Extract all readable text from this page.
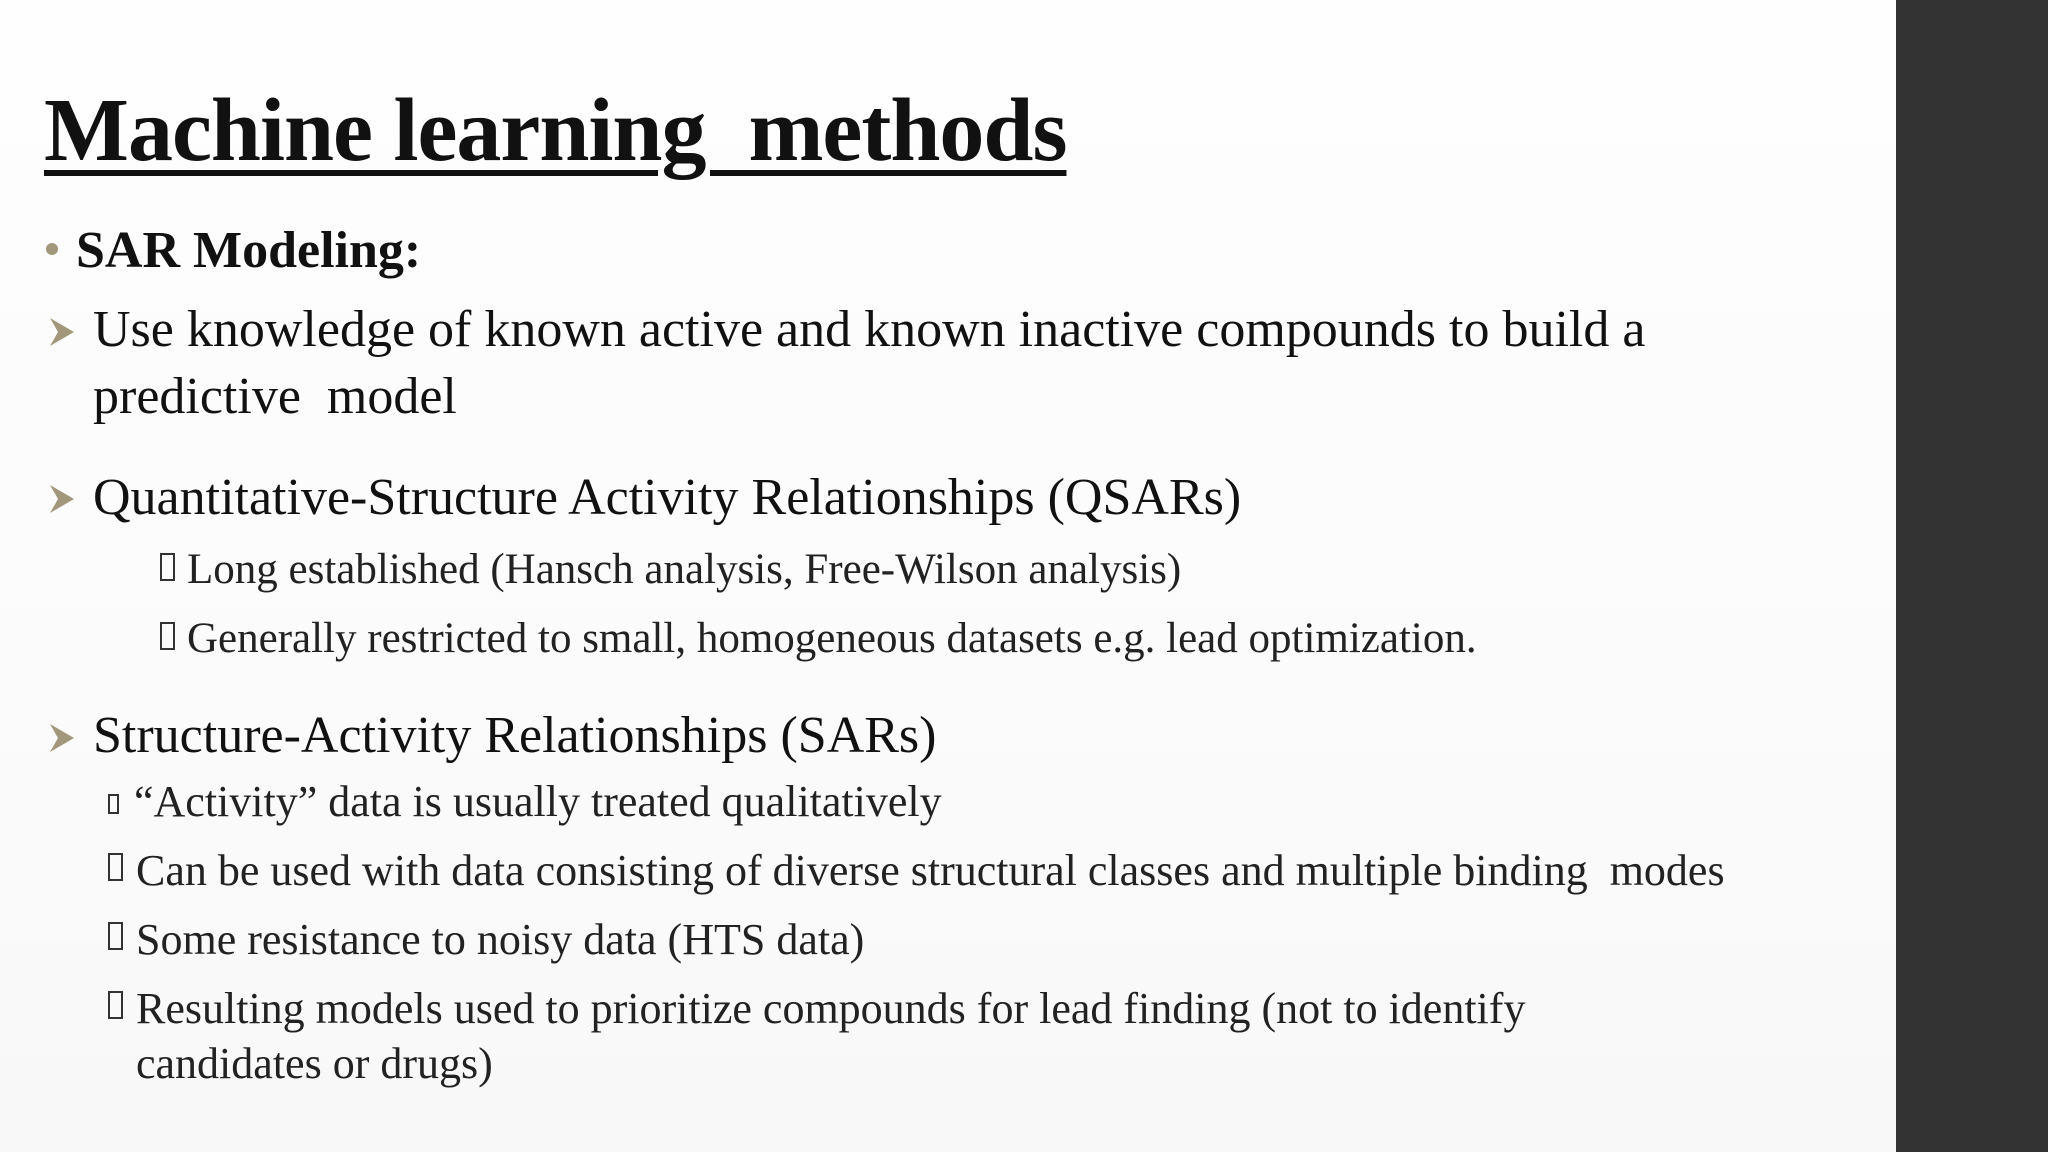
Machine learning  methods

SAR Modeling:

Use knowledge of known active and known inactive compounds to build a

predictive  model

Quantitative-Structure Activity Relationships (QSARs)

Long established (Hansch analysis, Free-Wilson analysis)

Generally restricted to small, homogeneous datasets e.g. lead optimization.

Structure-Activity Relationships (SARs)

“Activity” data is usually treated qualitatively

Can be used with data consisting of diverse structural classes and multiple binding  modes

Some resistance to noisy data (HTS data)

Resulting models used to prioritize compounds for lead finding (not to identify

candidates or drugs)
